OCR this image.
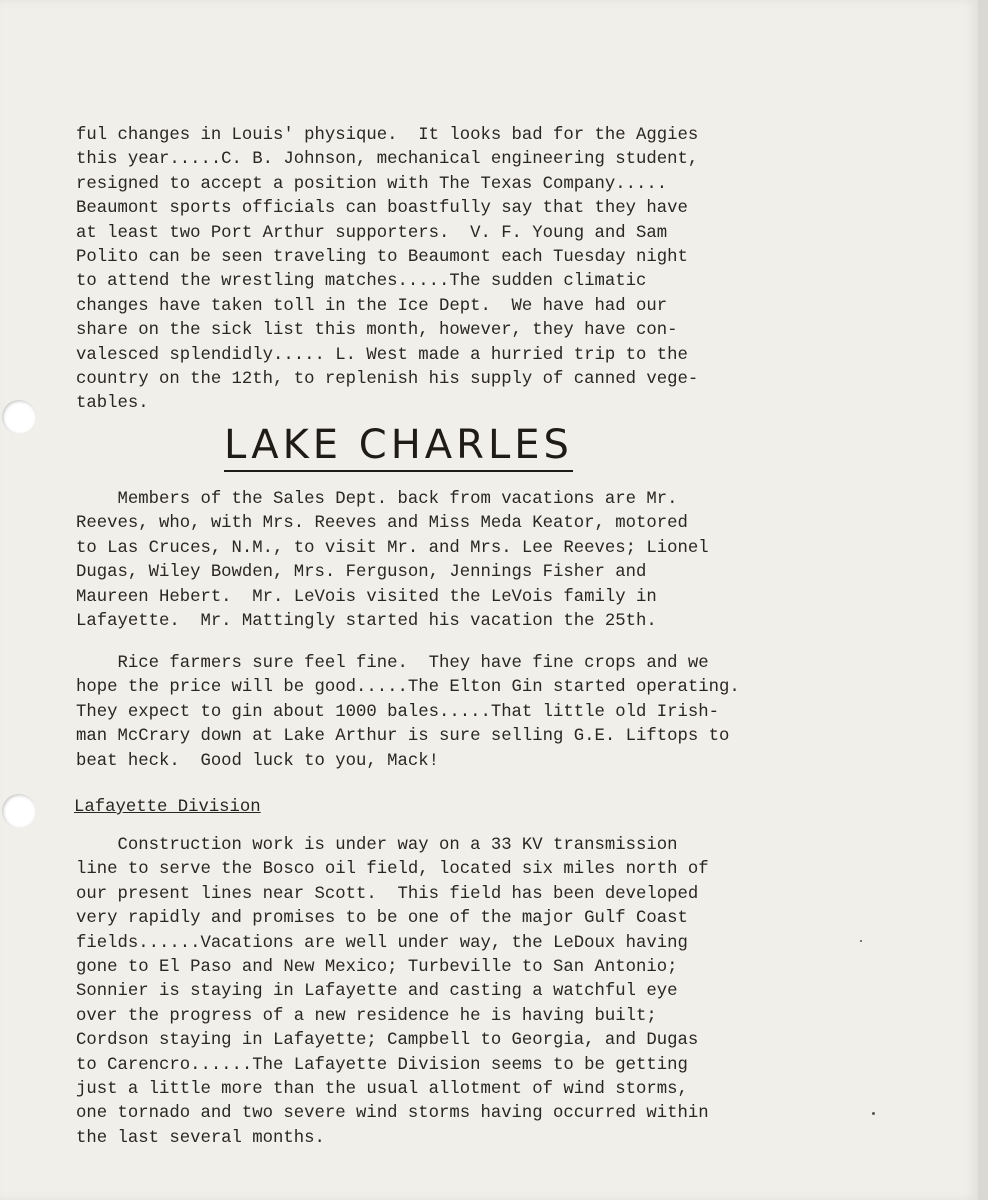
ful changes in Louis' physique.  It looks bad for the Aggies
this year.....C. B. Johnson, mechanical engineering student,
resigned to accept a position with The Texas Company.....
Beaumont sports officials can boastfully say that they have
at least two Port Arthur supporters.  V. F. Young and Sam
Polito can be seen traveling to Beaumont each Tuesday night
to attend the wrestling matches.....The sudden climatic
changes have taken toll in the Ice Dept.  We have had our
share on the sick list this month, however, they have con-
valesced splendidly..... L. West made a hurried trip to the
country on the 12th, to replenish his supply of canned vege-
tables.

LAKE CHARLES

Members of the Sales Dept. back from vacations are Mr.
Reeves, who, with Mrs. Reeves and Miss Meda Keator, motored
to Las Cruces, N.M., to visit Mr. and Mrs. Lee Reeves; Lionel
Dugas, Wiley Bowden, Mrs. Ferguson, Jennings Fisher and
Maureen Hebert.  Mr. LeVois visited the LeVois family in
Lafayette.  Mr. Mattingly started his vacation the 25th.

Rice farmers sure feel fine.  They have fine crops and we
hope the price will be good.....The Elton Gin started operating.
They expect to gin about 1000 bales.....That little old Irish-
man McCrary down at Lake Arthur is sure selling G.E. Liftops to
beat heck.  Good luck to you, Mack!

Lafayette Division

Construction work is under way on a 33 KV transmission
line to serve the Bosco oil field, located six miles north of
our present lines near Scott.  This field has been developed
very rapidly and promises to be one of the major Gulf Coast
fields......Vacations are well under way, the LeDoux having
gone to El Paso and New Mexico; Turbeville to San Antonio;
Sonnier is staying in Lafayette and casting a watchful eye
over the progress of a new residence he is having built;
Cordson staying in Lafayette; Campbell to Georgia, and Dugas
to Carencro......The Lafayette Division seems to be getting
just a little more than the usual allotment of wind storms,
one tornado and two severe wind storms having occurred within
the last several months.
